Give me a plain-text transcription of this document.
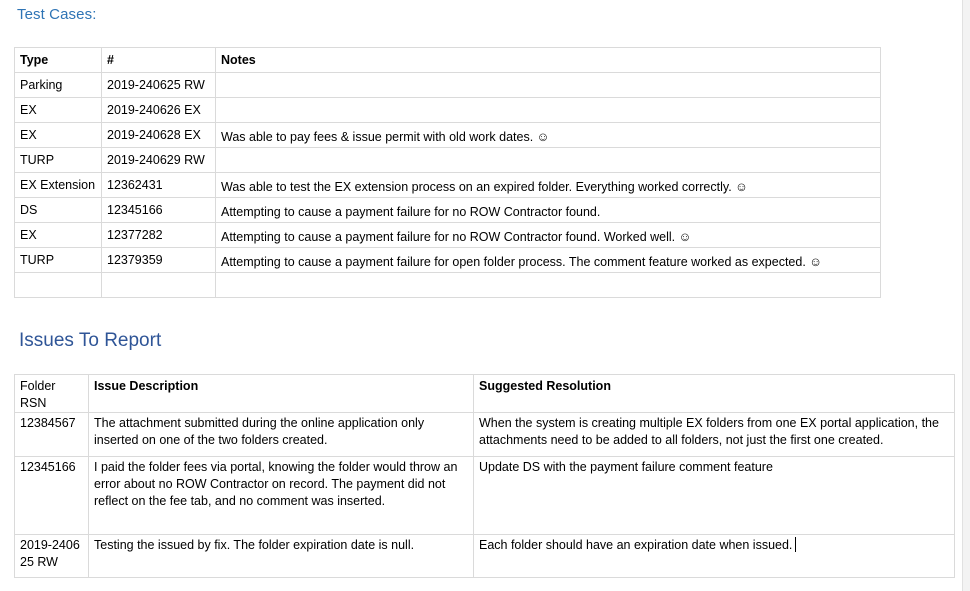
Test Cases:
Type	#	Notes
Parking	2019-240625 RW	
EX	2019-240626 EX	
EX	2019-240628 EX	Was able to pay fees & issue permit with old work dates. ☺
TURP	2019-240629 RW	
EX Extension	12362431	Was able to test the EX extension process on an expired folder. Everything worked correctly. ☺
DS	12345166	Attempting to cause a payment failure for no ROW Contractor found.
EX	12377282	Attempting to cause a payment failure for no ROW Contractor found. Worked well. ☺
TURP	12379359	Attempting to cause a payment failure for open folder process. The comment feature worked as expected. ☺

Issues To Report
Folder RSN	Issue Description	Suggested Resolution
12384567	The attachment submitted during the online application only inserted on one of the two folders created.	When the system is creating multiple EX folders from one EX portal application, the attachments need to be added to all folders, not just the first one created.
12345166	I paid the folder fees via portal, knowing the folder would throw an error about no ROW Contractor on record. The payment did not reflect on the fee tab, and no comment was inserted.	Update DS with the payment failure comment feature
2019-240625 RW	Testing the issued by fix. The folder expiration date is null.	Each folder should have an expiration date when issued.
